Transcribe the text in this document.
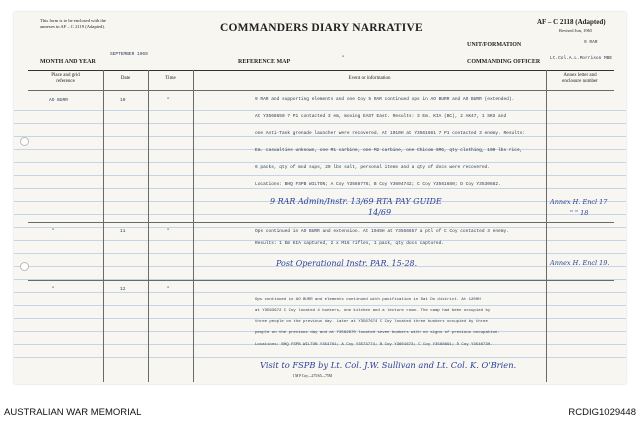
This form is to be enclosed with the
annexes in AF – C 2119 (Adapted).	COMMANDERS DIARY NARRATIVE	AF – C 2118 (Adapted)
Revised Jun, 1965
UNIT/FORMATION	9 RAR
MONTH AND YEAR
SEPTEMBER 1969
REFERENCE MAP
"
COMMANDING OFFICER
Lt.Col.A.L.Morrison MBE
Place and grid
reference
Date	Time	Event or information
Annex letter and
enclosure number
AO BURR	10	"	9 RAR and supporting elements and one Coy 5 RAR continued ops in AO BURR and AO BURR (extended).
At Y3568650 7 P1 contacted 3 em, moving EAST East. Results: 3 Em. KIA (BC), 2 AK47, 1 SKS and
one Anti-Tank grenade launcher were recovered. At 1010H at Y3561661 7 P1 contacted 3 enemy. Results:
Em. casualties unknown, one M1 carbine, one M2 carbine, one Chicom SMG, qty clothing, 100 lbs rice,
6 packs, qty of mod sups, 20 lbs salt, personal items and a qty of docs were recovered.
Locations: BHQ FSPB WILTON; A Coy Y3566776; B Coy Y3604742; C Coy Y3561680; D Coy Y3530682.
9 RAR Admin/Instr. 13/69 RTA PAY GUIDE
14/69
Annex H. Encl 17
" " 18
"	11	"	Ops continued in AO BURR and extension. At 1045H at Y3556657 a ptl of C Coy contacted 3 enemy.
Results: 1 Em KIA captured, 2 x M16 rifles, 1 pack, qty docs captured.
Post Operational Instr. PAR. 15-28.	Annex H. Encl 19.
"	12	"
Ops continued in AO BURR and elements continued with pacification in Dat Do district. At 1200H
at Y3563672 C Coy located 4 bunkers, one kitchen and a lecture room. The camp had been occupied by
three people on the previous day. Later at Y3567674 C Coy located three bunkers occupied by three
people on the previous day and at Y3562670 located seven bunkers with no signs of previous occupation.
Locations: BHQ FSPB WILTON Y354761; A Coy Y3573774; B Coy Y3601673; C Coy Y3568691; D Coy Y3546730.
Visit to FSPB by Lt. Col. J.W. Sullivan and Lt. Col. K. O'Brien.
I M P Coy—275/65—75M
AUSTRALIAN WAR MEMORIAL	RCDIG1029448
